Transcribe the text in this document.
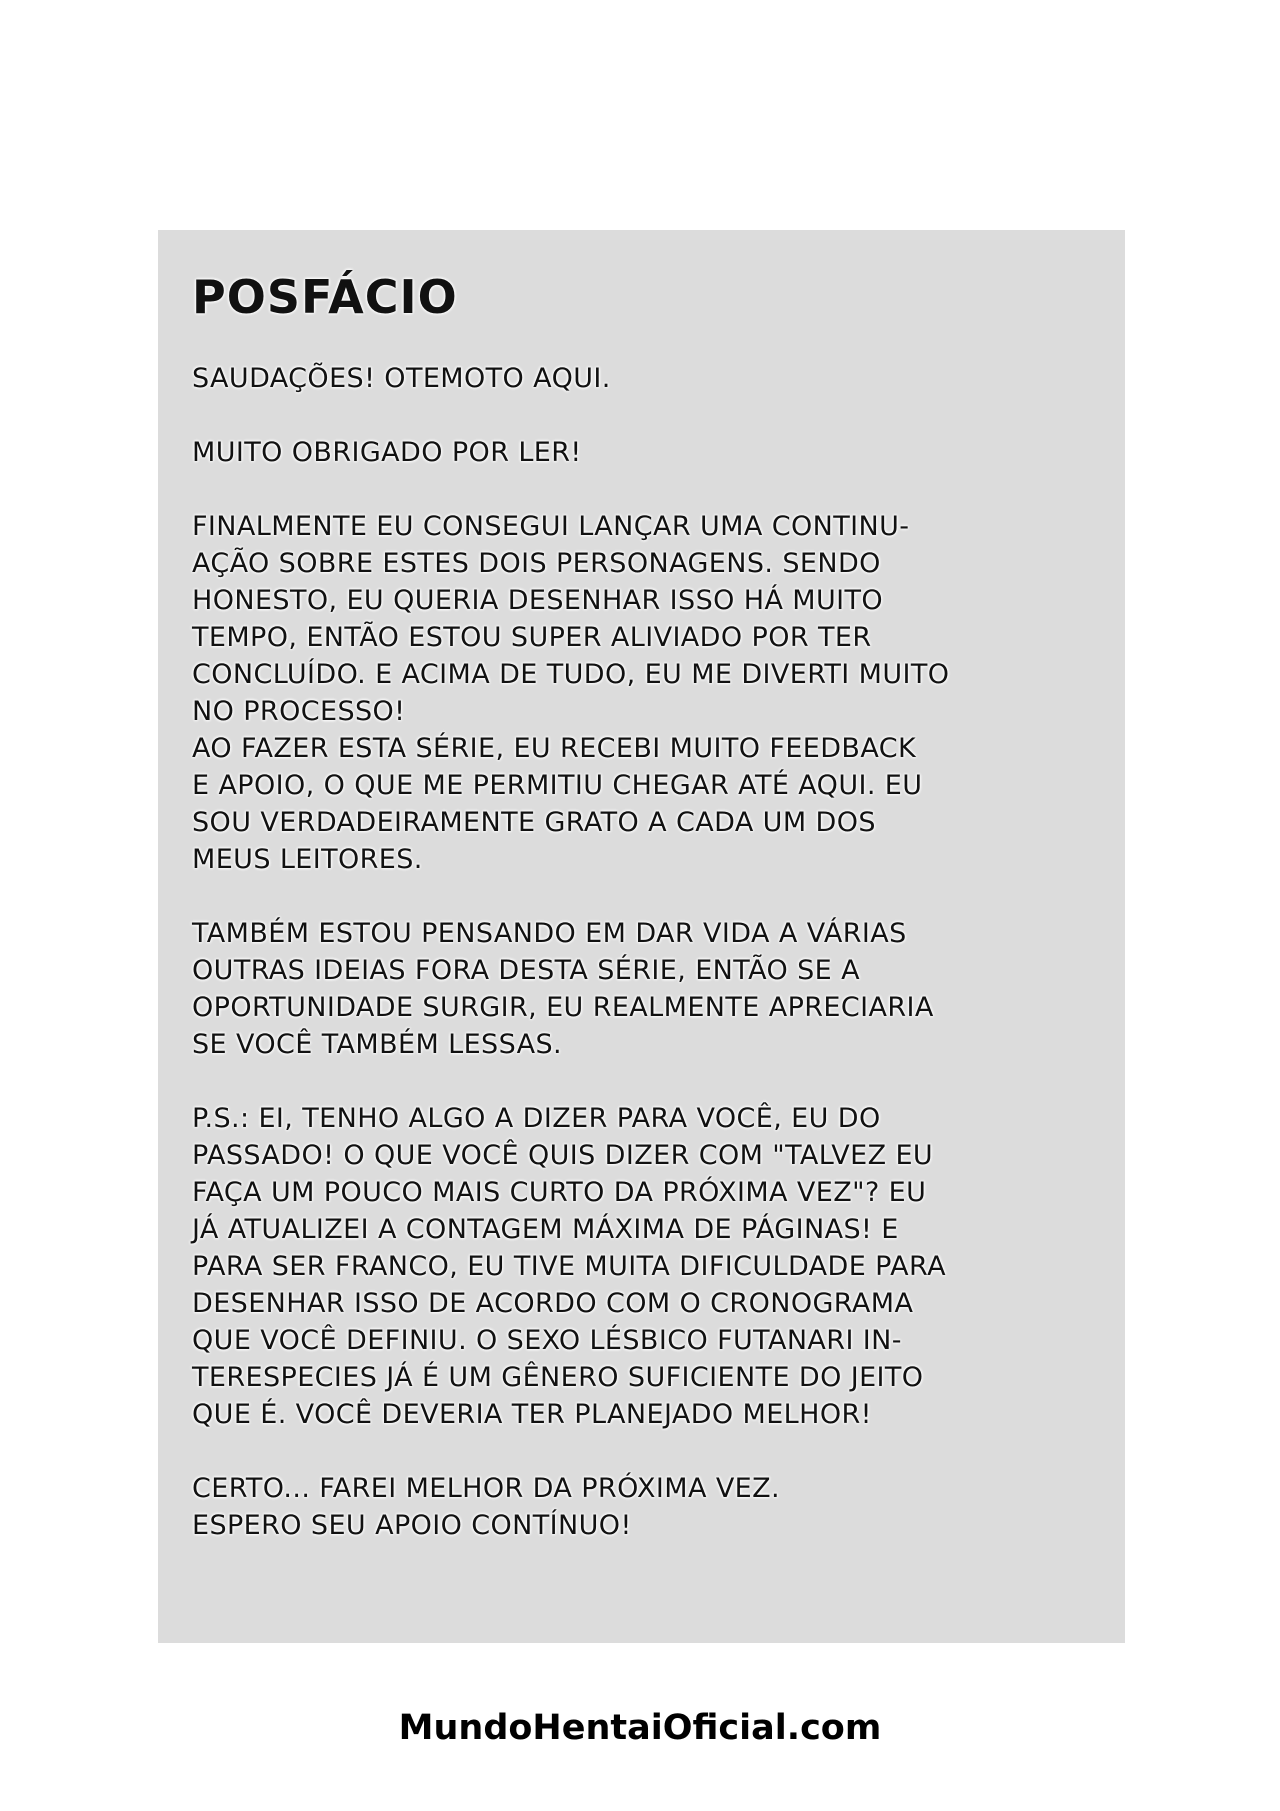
POSFÁCIO
SAUDAÇÕES! OTEMOTO AQUI.
MUITO OBRIGADO POR LER!
FINALMENTE EU CONSEGUI LANÇAR UMA CONTINU-
AÇÃO SOBRE ESTES DOIS PERSONAGENS. SENDO
HONESTO, EU QUERIA DESENHAR ISSO HÁ MUITO
TEMPO, ENTÃO ESTOU SUPER ALIVIADO POR TER
CONCLUÍDO. E ACIMA DE TUDO, EU ME DIVERTI MUITO
NO PROCESSO!
AO FAZER ESTA SÉRIE, EU RECEBI MUITO FEEDBACK
E APOIO, O QUE ME PERMITIU CHEGAR ATÉ AQUI. EU
SOU VERDADEIRAMENTE GRATO A CADA UM DOS
MEUS LEITORES.
TAMBÉM ESTOU PENSANDO EM DAR VIDA A VÁRIAS
OUTRAS IDEIAS FORA DESTA SÉRIE, ENTÃO SE A
OPORTUNIDADE SURGIR, EU REALMENTE APRECIARIA
SE VOCÊ TAMBÉM LESSAS.
P.S.: EI, TENHO ALGO A DIZER PARA VOCÊ, EU DO
PASSADO! O QUE VOCÊ QUIS DIZER COM "TALVEZ EU
FAÇA UM POUCO MAIS CURTO DA PRÓXIMA VEZ"? EU
JÁ ATUALIZEI A CONTAGEM MÁXIMA DE PÁGINAS! E
PARA SER FRANCO, EU TIVE MUITA DIFICULDADE PARA
DESENHAR ISSO DE ACORDO COM O CRONOGRAMA
QUE VOCÊ DEFINIU. O SEXO LÉSBICO FUTANARI IN-
TERESPECIES JÁ É UM GÊNERO SUFICIENTE DO JEITO
QUE É. VOCÊ DEVERIA TER PLANEJADO MELHOR!
CERTO... FAREI MELHOR DA PRÓXIMA VEZ.
ESPERO SEU APOIO CONTÍNUO!
MundoHentaiOficial.com
